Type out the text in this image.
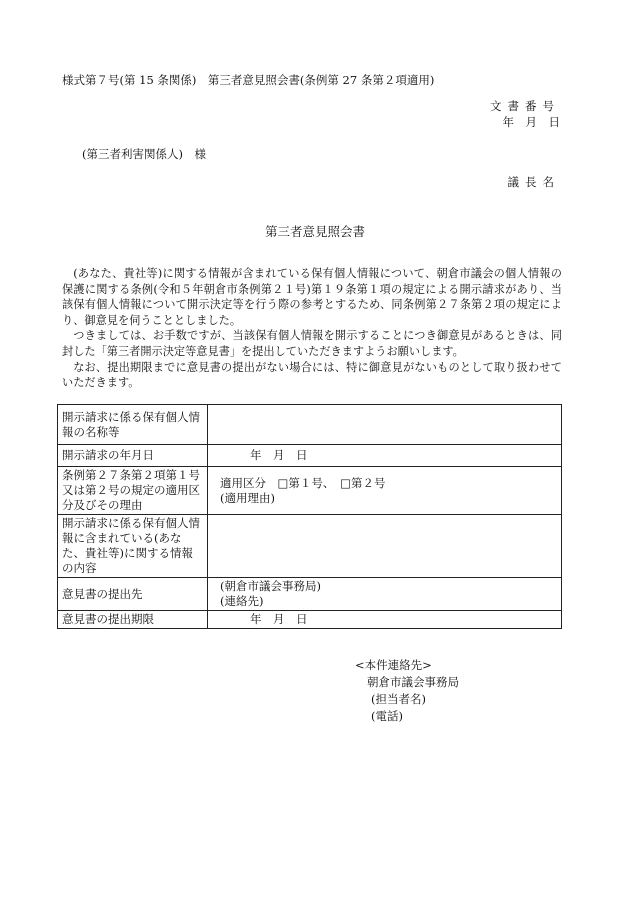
様式第７号(第 15 条関係)　第三者意見照会書(条例第 27 条第２項適用)
文書番号
年　月　日
(第三者利害関係人)　様
議長名
第三者意見照会書

(あなた、貴社等)に関する情報が含まれている保有個人情報について、朝倉市議会の個人情報の保護に関する条例(令和５年朝倉市条例第２１号)第１９条第１項の規定による開示請求があり、当該保有個人情報について開示決定等を行う際の参考とするため、同条例第２７条第２項の規定により、御意見を伺うこととしました。

つきましては、お手数ですが、当該保有個人情報を開示することにつき御意見があるときは、同封した「第三者開示決定等意見書」を提出していただきますようお願いします。

なお、提出期限までに意見書の提出がない場合には、特に御意見がないものとして取り扱わせていただきます。

開示請求に係る保有個人情報の名称等	
開示請求の年月日	年　月　日
条例第２７条第２項第１号又は第２号の規定の適用区分及びその理由	適用区分　□第１号、　□第２号
(適用理由)

開示請求に係る保有個人情報に含まれている(あなた、貴社等)に関する情報の内容	
意見書の提出先	(朝倉市議会事務局)
(連絡先)

意見書の提出期限	年　月　日
<本件連絡先>
朝倉市議会事務局
(担当者名)
(電話)
